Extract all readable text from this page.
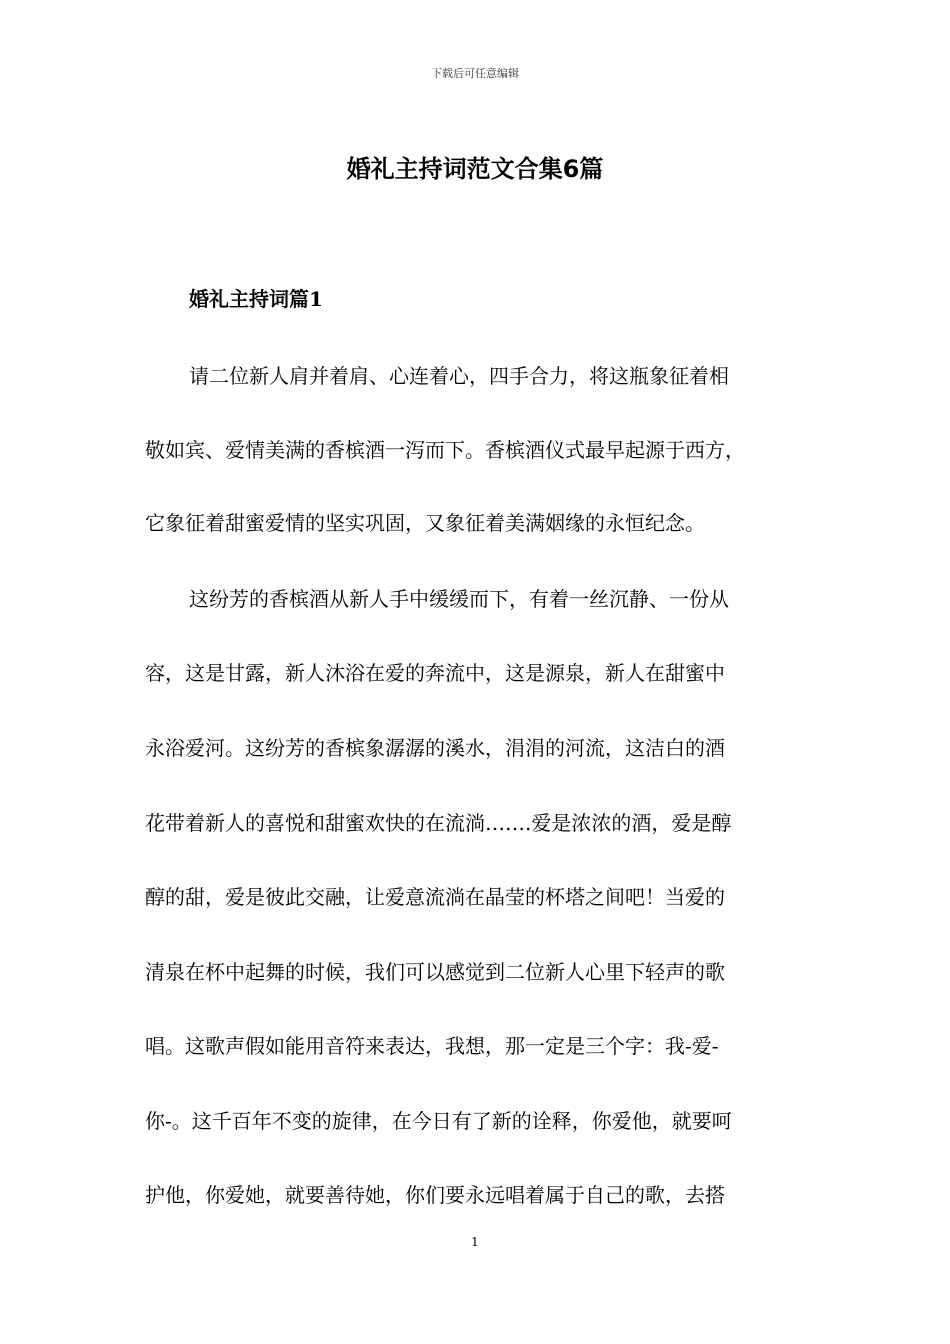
下载后可任意编辑
婚礼主持词范文合集6篇
婚礼主持词篇1
请二位新人肩并着肩、心连着心，四手合力，将这瓶象征着相
敬如宾、爱情美满的香槟酒一泻而下。香槟酒仪式最早起源于西方，
它象征着甜蜜爱情的坚实巩固，又象征着美满姻缘的永恒纪念。
这纷芳的香槟酒从新人手中缓缓而下，有着一丝沉静、一份从
容，这是甘露，新人沐浴在爱的奔流中，这是源泉，新人在甜蜜中
永浴爱河。这纷芳的香槟象潺潺的溪水，涓涓的河流，这洁白的酒
花带着新人的喜悦和甜蜜欢快的在流淌…….爱是浓浓的酒，爱是醇
醇的甜，爱是彼此交融，让爱意流淌在晶莹的杯塔之间吧！当爱的
清泉在杯中起舞的时候，我们可以感觉到二位新人心里下轻声的歌
唱。这歌声假如能用音符来表达，我想，那一定是三个字：我-爱-
你-。这千百年不变的旋律，在今日有了新的诠释，你爱他，就要呵
护他，你爱她，就要善待她，你们要永远唱着属于自己的歌，去搭
1
